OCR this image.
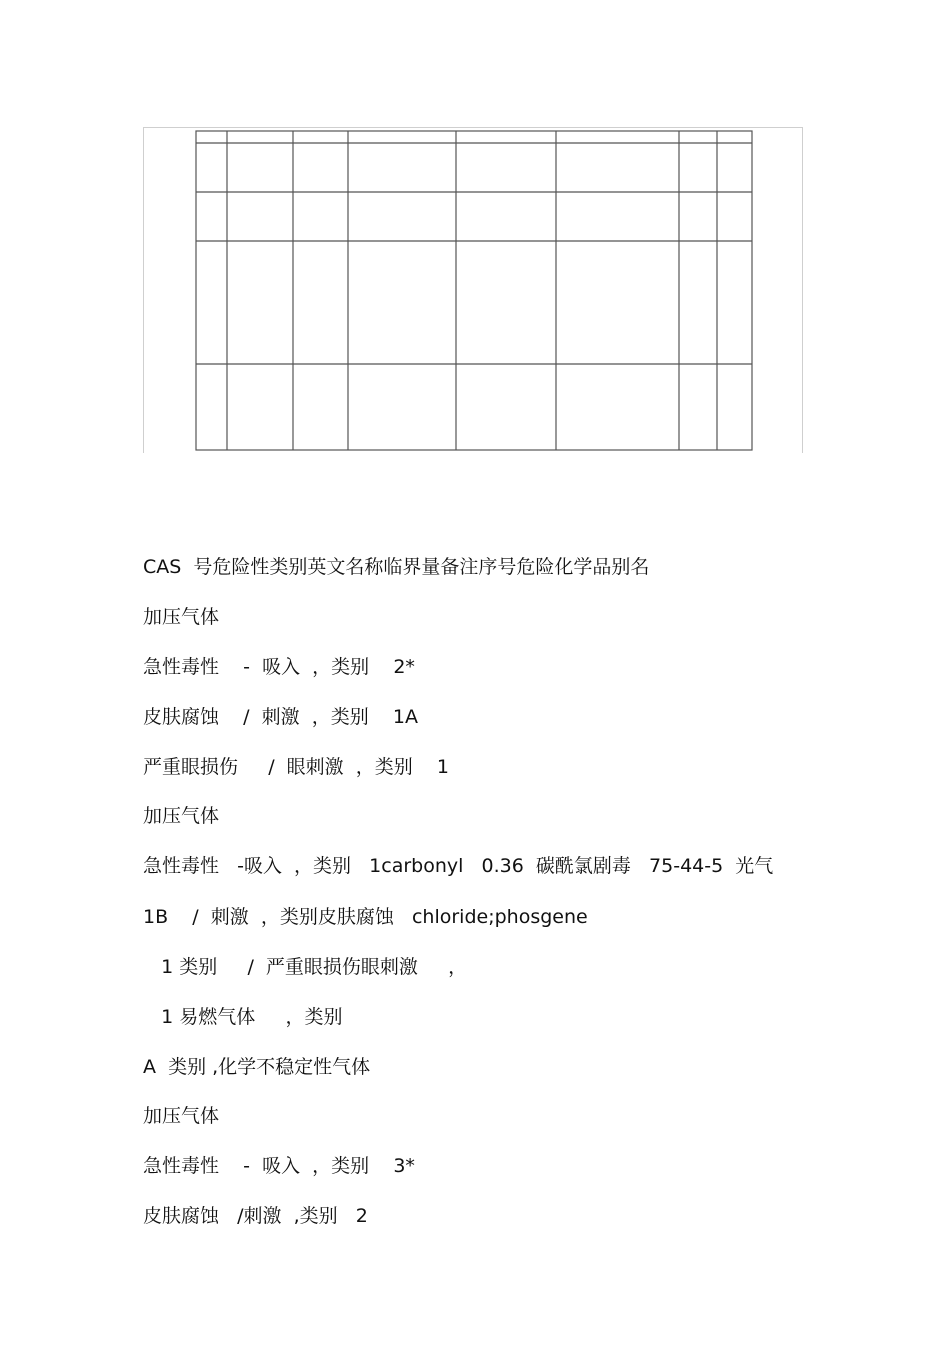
CAS  号危险性类别英文名称临界量备注序号危险化学品别名
加压气体
急性毒性    -  吸入  ，类别    2*
皮肤腐蚀    /  刺激  ，类别    1A
严重眼损伤     /  眼刺激  ，类别    1
加压气体
急性毒性   -吸入  ，类别   1carbonyl   0.36  碳酰氯剧毒   75-44-5  光气
1B    /  刺激  ，类别皮肤腐蚀   chloride;phosgene
1 类别     /  严重眼损伤眼刺激     ，
1 易燃气体     ，类别
A  类别 ,化学不稳定性气体
加压气体
急性毒性    -  吸入  ，类别    3*
皮肤腐蚀   /刺激  ,类别   2
